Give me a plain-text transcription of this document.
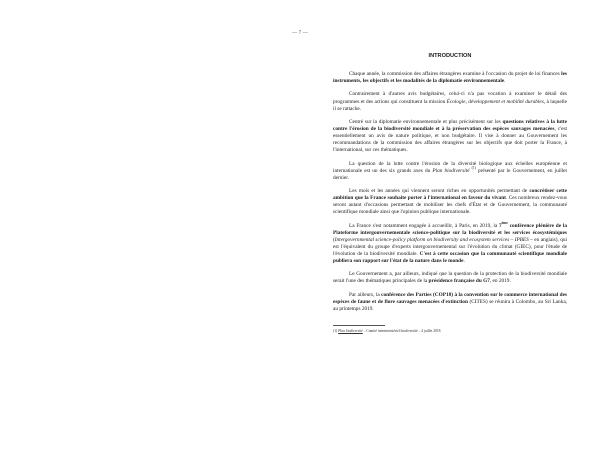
— 7 —
INTRODUCTION

Chaque année, la commission des affaires étrangères examine à l'occasion du projet de loi finances les instruments, les objectifs et les modalités de la diplomatie environnementale.

Contrairement à d'autres avis budgétaires, celui-ci n'a pas vocation à examiner le détail des programmes et des actions qui constituent la mission Écologie, développement et mobilité durables, à laquelle il se rattache.

Centré sur la diplomatie environnementale et plus précisément sur les questions relatives à la lutte contre l'érosion de la biodiversité mondiale et à la préservation des espèces sauvages menacées, c'est essentiellement un avis de nature politique, et non budgétaire. Il vise à donner au Gouvernement les recommandations de la commission des affaires étrangères sur les objectifs que doit porter la France, à l'international, sur ces thématiques.

La question de la lutte contre l'érosion de la diversité biologique aux échelles européenne et internationale est un des six grands axes du Plan biodiversité $^{(1)}$ présenté par le Gouvernement, en juillet dernier.

Les mois et les années qui viennent seront riches en opportunités permettant de concrétiser cette ambition que la France souhaite porter à l'international en faveur du vivant. Ces nombreux rendez-vous seront autant d'occasions permettant de mobiliser les chefs d'État et de Gouvernement, la communauté scientifique mondiale ainsi que l'opinion publique internationale.

La France s'est notamment engagée à accueillir, à Paris, en 2019, la 7ème conférence plénière de la Plateforme intergouvernementale science-politique sur la biodiversité et les services écosystémiques (Intergovernmental science-policy platform on biodiversity and ecosystem services – IPBES – en anglais), qui est l'équivalent du groupe d'experts intergouvernemental sur l'évolution du climat (GIEC), pour l'étude de l'évolution de la biodiversité mondiale. C'est à cette occasion que la communauté scientifique mondiale publiera son rapport sur l'état de la nature dans le monde.

Le Gouvernement a, par ailleurs, indiqué que la question de la protection de la biodiversité mondiale serait l'une des thématiques principales de la présidence française du G7, en 2019.

Par ailleurs, la conférence des Parties (COP18) à la convention sur le commerce international des espèces de faune et de flore sauvages menacées d'extinction (CITES) se réunira à Colombo, au Sri Lanka, au printemps 2019.

(1) Plan biodiversité – Comité interministériel biodiversité – 4 juillet 2018.
